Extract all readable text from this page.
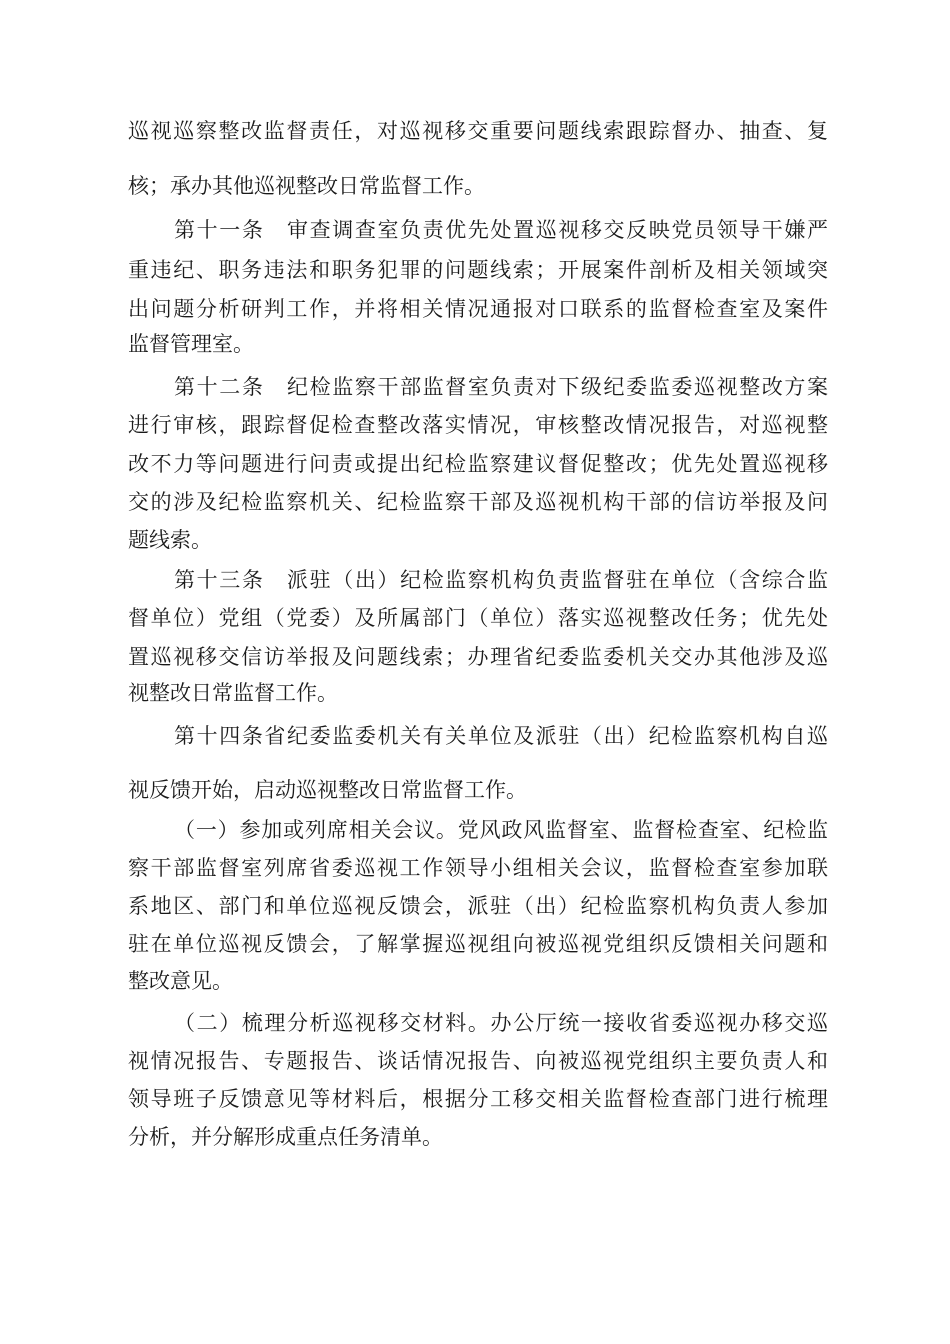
巡视巡察整改监督责任，对巡视移交重要问题线索跟踪督办、抽查、复
核；承办其他巡视整改日常监督工作。
第十一条　审查调查室负责优先处置巡视移交反映党员领导干嫌严
重违纪、职务违法和职务犯罪的问题线索；开展案件剖析及相关领域突
出问题分析研判工作，并将相关情况通报对口联系的监督检查室及案件
监督管理室。
第十二条　纪检监察干部监督室负责对下级纪委监委巡视整改方案
进行审核，跟踪督促检查整改落实情况，审核整改情况报告，对巡视整
改不力等问题进行问责或提出纪检监察建议督促整改；优先处置巡视移
交的涉及纪检监察机关、纪检监察干部及巡视机构干部的信访举报及问
题线索。
第十三条　派驻（出）纪检监察机构负责监督驻在单位（含综合监
督单位）党组（党委）及所属部门（单位）落实巡视整改任务；优先处
置巡视移交信访举报及问题线索；办理省纪委监委机关交办其他涉及巡
视整改日常监督工作。
第十四条省纪委监委机关有关单位及派驻（出）纪检监察机构自巡
视反馈开始，启动巡视整改日常监督工作。
（一）参加或列席相关会议。党风政风监督室、监督检查室、纪检监
察干部监督室列席省委巡视工作领导小组相关会议，监督检查室参加联
系地区、部门和单位巡视反馈会，派驻（出）纪检监察机构负责人参加
驻在单位巡视反馈会，了解掌握巡视组向被巡视党组织反馈相关问题和
整改意见。
（二）梳理分析巡视移交材料。办公厅统一接收省委巡视办移交巡
视情况报告、专题报告、谈话情况报告、向被巡视党组织主要负责人和
领导班子反馈意见等材料后，根据分工移交相关监督检查部门进行梳理
分析，并分解形成重点任务清单。
